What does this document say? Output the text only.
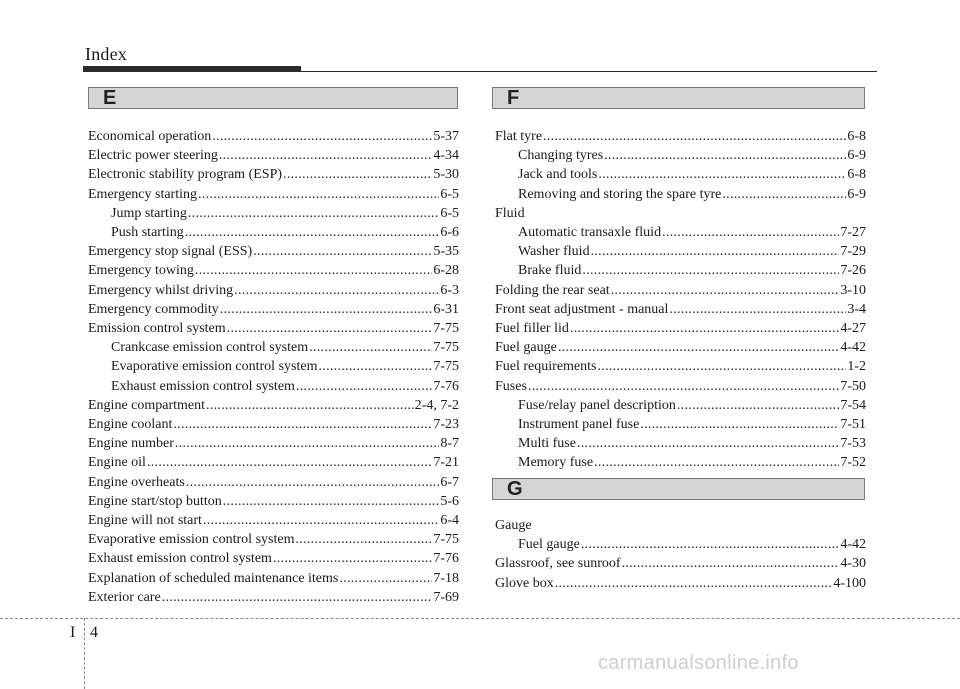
Index
E	F
Economical operation .....	5-37
Electric power steering .....	4-34
Electronic stability program (ESP) .....	5-30
Emergency starting .....	6-5
Jump starting .....	6-5
Push starting .....	6-6
Emergency stop signal (ESS) .....	5-35
Emergency towing .....	6-28
Emergency whilst driving .....	6-3
Emergency commodity .....	6-31
Emission control system .....	7-75
Crankcase emission control system .....	7-75
Evaporative emission control system .....	7-75
Exhaust emission control system .....	7-76
Engine compartment .....	2-4, 7-2
Engine coolant .....	7-23
Engine number .....	8-7
Engine oil .....	7-21
Engine overheats .....	6-7
Engine start/stop button .....	5-6
Engine will not start .....	6-4
Evaporative emission control system .....	7-75
Exhaust emission control system .....	7-76
Explanation of scheduled maintenance items .....	7-18
Exterior care .....	7-69
Flat tyre .....	6-8
Changing tyres .....	6-9
Jack and tools .....	6-8
Removing and storing the spare tyre .....	6-9
Fluid
Automatic transaxle fluid .....	7-27
Washer fluid .....	7-29
Brake fluid .....	7-26
Folding the rear seat .....	3-10
Front seat adjustment - manual .....	3-4
Fuel filler lid .....	4-27
Fuel gauge .....	4-42
Fuel requirements .....	1-2
Fuses .....	7-50
Fuse/relay panel description .....	7-54
Instrument panel fuse .....	7-51
Multi fuse .....	7-53
Memory fuse .....	7-52
G
Gauge
Fuel gauge .....	4-42
Glassroof, see sunroof .....	4-30
Glove box .....	4-100
I 4
carmanualsonline.info
